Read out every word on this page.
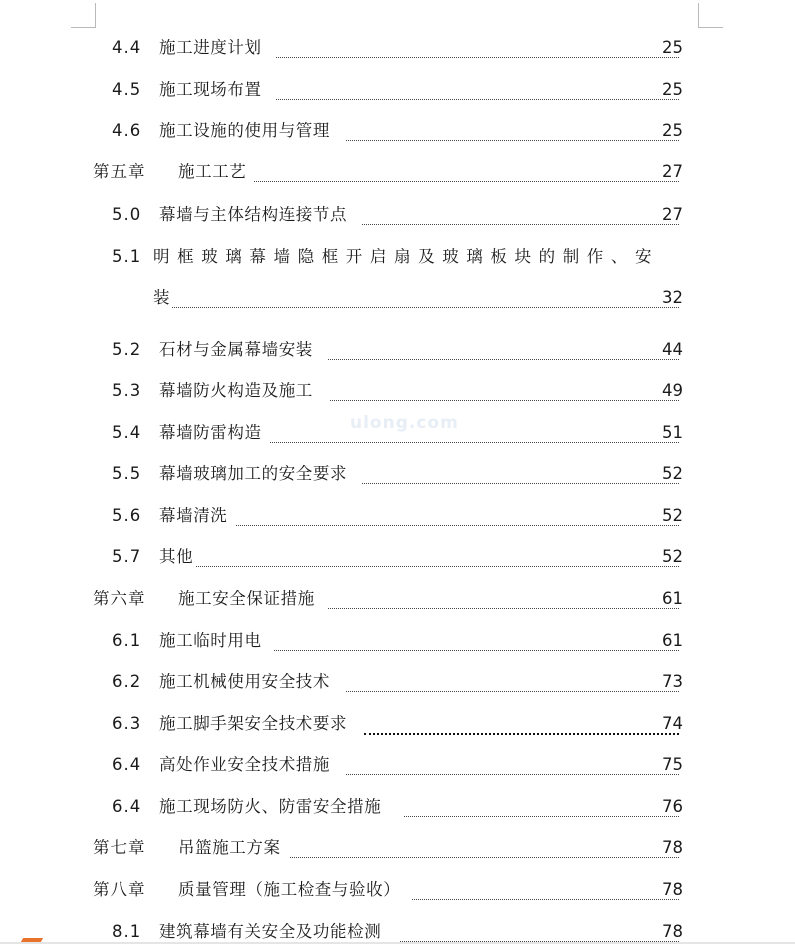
ulong.com
4.4 施工进度计划	25
4.5 施工现场布置	25
4.6 施工设施的使用与管理	25
第五章 施工工艺	27
5.0 幕墙与主体结构连接节点	27
5.1 明框玻璃幕墙隐框开启扇及玻璃板块的制作、安
装	32
5.2 石材与金属幕墙安装	44
5.3 幕墙防火构造及施工	49
5.4 幕墙防雷构造	51
5.5 幕墙玻璃加工的安全要求	52
5.6 幕墙清洗	52
5.7 其他	52
第六章 施工安全保证措施	61
6.1 施工临时用电	61
6.2 施工机械使用安全技术	73
6.3 施工脚手架安全技术要求	74
6.4 高处作业安全技术措施	75
6.4 施工现场防火、防雷安全措施	76
第七章 吊篮施工方案	78
第八章 质量管理（施工检查与验收）	78
8.1 建筑幕墙有关安全及功能检测	78
